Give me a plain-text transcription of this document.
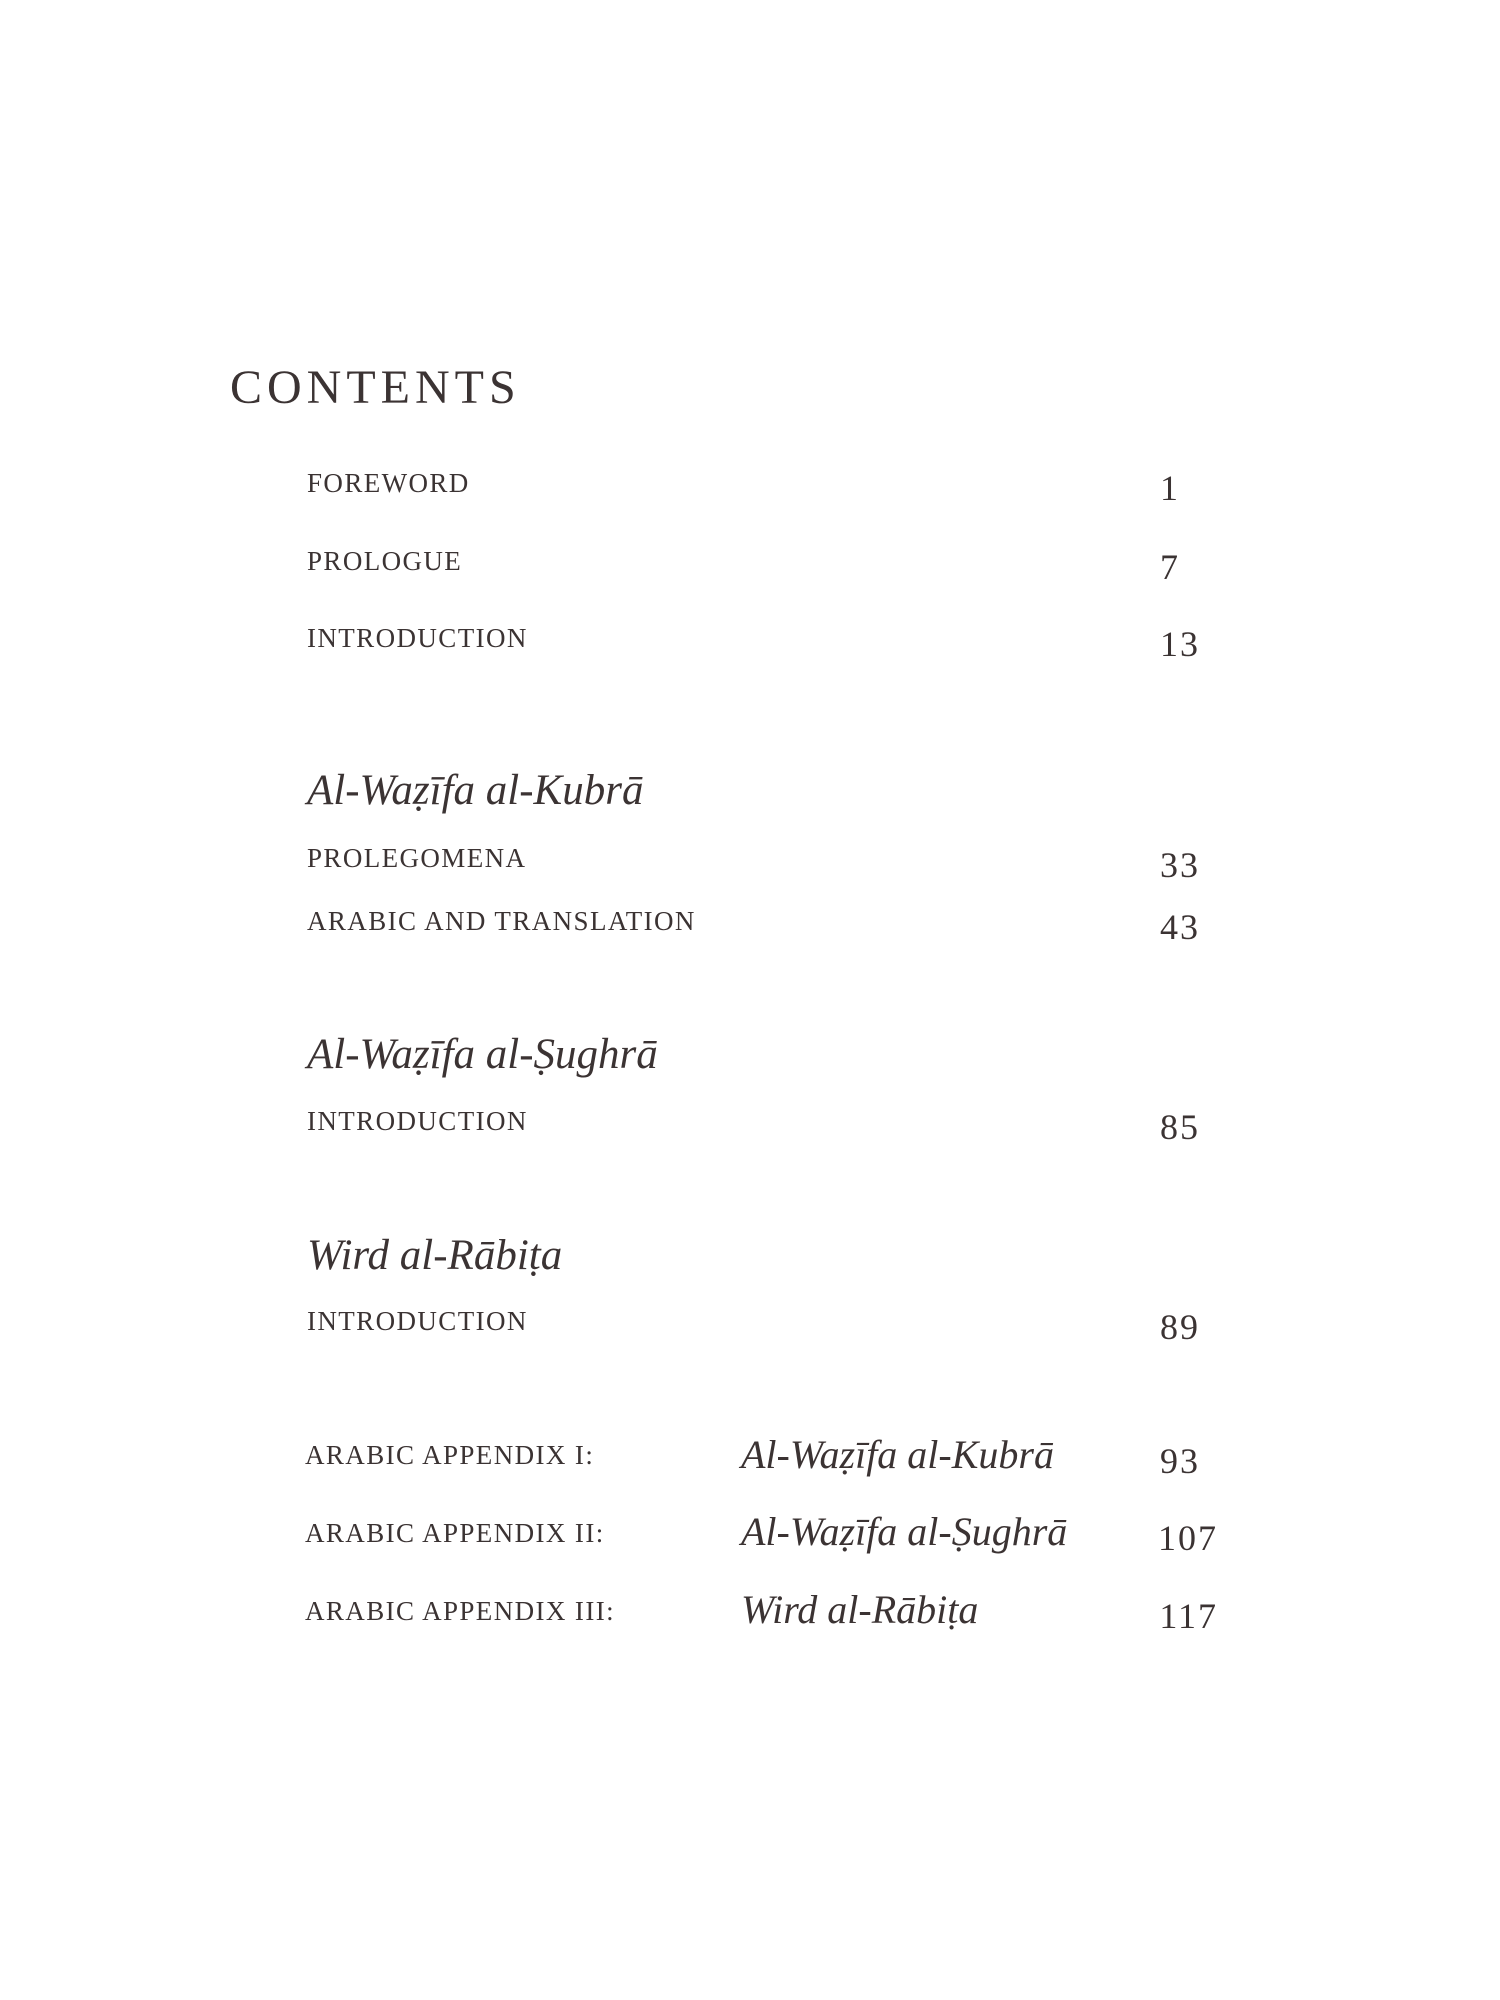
CONTENTS
FOREWORD	1
PROLOGUE	7
INTRODUCTION	13
Al-Waẓīfa al-Kubrā
PROLEGOMENA	33
ARABIC AND TRANSLATION	43
Al-Waẓīfa al-Ṣughrā
INTRODUCTION	85
Wird al-Rābiṭa
INTRODUCTION	89
ARABIC APPENDIX I:	Al-Waẓīfa al-Kubrā	93
ARABIC APPENDIX II:	Al-Waẓīfa al-Ṣughrā	107
ARABIC APPENDIX III:	Wird al-Rābiṭa	117
